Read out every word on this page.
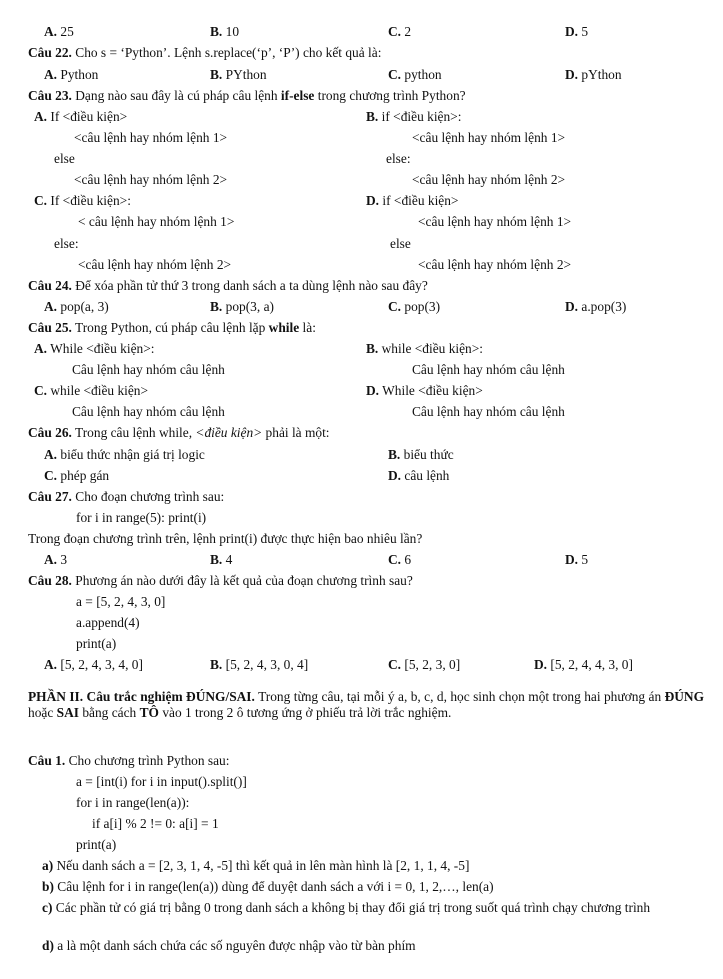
A. 25	B. 10	C. 2	D. 5
Câu 22. Cho s = ‘Python’. Lệnh s.replace(‘p’, ‘P’) cho kết quả là:
A. Python	B. PYthon	C. python	D. pYthon
Câu 23. Dạng nào sau đây là cú pháp câu lệnh if-else trong chương trình Python?
A. If <điều kiện>
<câu lệnh hay nhóm lệnh 1>
else
<câu lệnh hay nhóm lệnh 2>
B. if <điều kiện>:
<câu lệnh hay nhóm lệnh 1>
else:
<câu lệnh hay nhóm lệnh 2>
C. If <điều kiện>:
< câu lệnh hay nhóm lệnh 1>
else:
<câu lệnh hay nhóm lệnh 2>
D. if <điều kiện>
<câu lệnh hay nhóm lệnh 1>
else
<câu lệnh hay nhóm lệnh 2>
Câu 24. Để xóa phần tử thứ 3 trong danh sách a ta dùng lệnh nào sau đây?
A. pop(a, 3)	B. pop(3, a)	C. pop(3)	D. a.pop(3)
Câu 25. Trong Python, cú pháp câu lệnh lặp while là:
A. While <điều kiện>:
Câu lệnh hay nhóm câu lệnh
B. while <điều kiện>:
Câu lệnh hay nhóm câu lệnh
C. while <điều kiện>
Câu lệnh hay nhóm câu lệnh
D. While <điều kiện>
Câu lệnh hay nhóm câu lệnh
Câu 26. Trong câu lệnh while, <điều kiện> phải là một:
A. biểu thức nhận giá trị logic	B. biểu thức
C. phép gán	D. câu lệnh
Câu 27. Cho đoạn chương trình sau:
for i in range(5): print(i)
Trong đoạn chương trình trên, lệnh print(i) được thực hiện bao nhiêu lần?
A. 3	B. 4	C. 6	D. 5
Câu 28. Phương án nào dưới đây là kết quả của đoạn chương trình sau?
a = [5, 2, 4, 3, 0]
a.append(4)
print(a)
A. [5, 2, 4, 3, 4, 0]	B. [5, 2, 4, 3, 0, 4]	C. [5, 2, 3, 0]	D. [5, 2, 4, 4, 3, 0]
PHẦN II. Câu trắc nghiệm ĐÚNG/SAI. Trong từng câu, tại mỗi ý a, b, c, d, học sinh chọn một trong hai phương án ĐÚNG hoặc SAI bằng cách TÔ vào 1 trong 2 ô tương ứng ở phiếu trả lời trắc nghiệm.
Câu 1. Cho chương trình Python sau:
a = [int(i) for i in input().split()]
for i in range(len(a)):
if a[i] % 2 != 0: a[i] = 1
print(a)
a) Nếu danh sách a = [2, 3, 1, 4, -5] thì kết quả in lên màn hình là [2, 1, 1, 4, -5]
b) Câu lệnh for i in range(len(a)) dùng để duyệt danh sách a với i = 0, 1, 2,…, len(a)
c) Các phần tử có giá trị bằng 0 trong danh sách a không bị thay đổi giá trị trong suốt quá trình chạy chương trình
d) a là một danh sách chứa các số nguyên được nhập vào từ bàn phím
